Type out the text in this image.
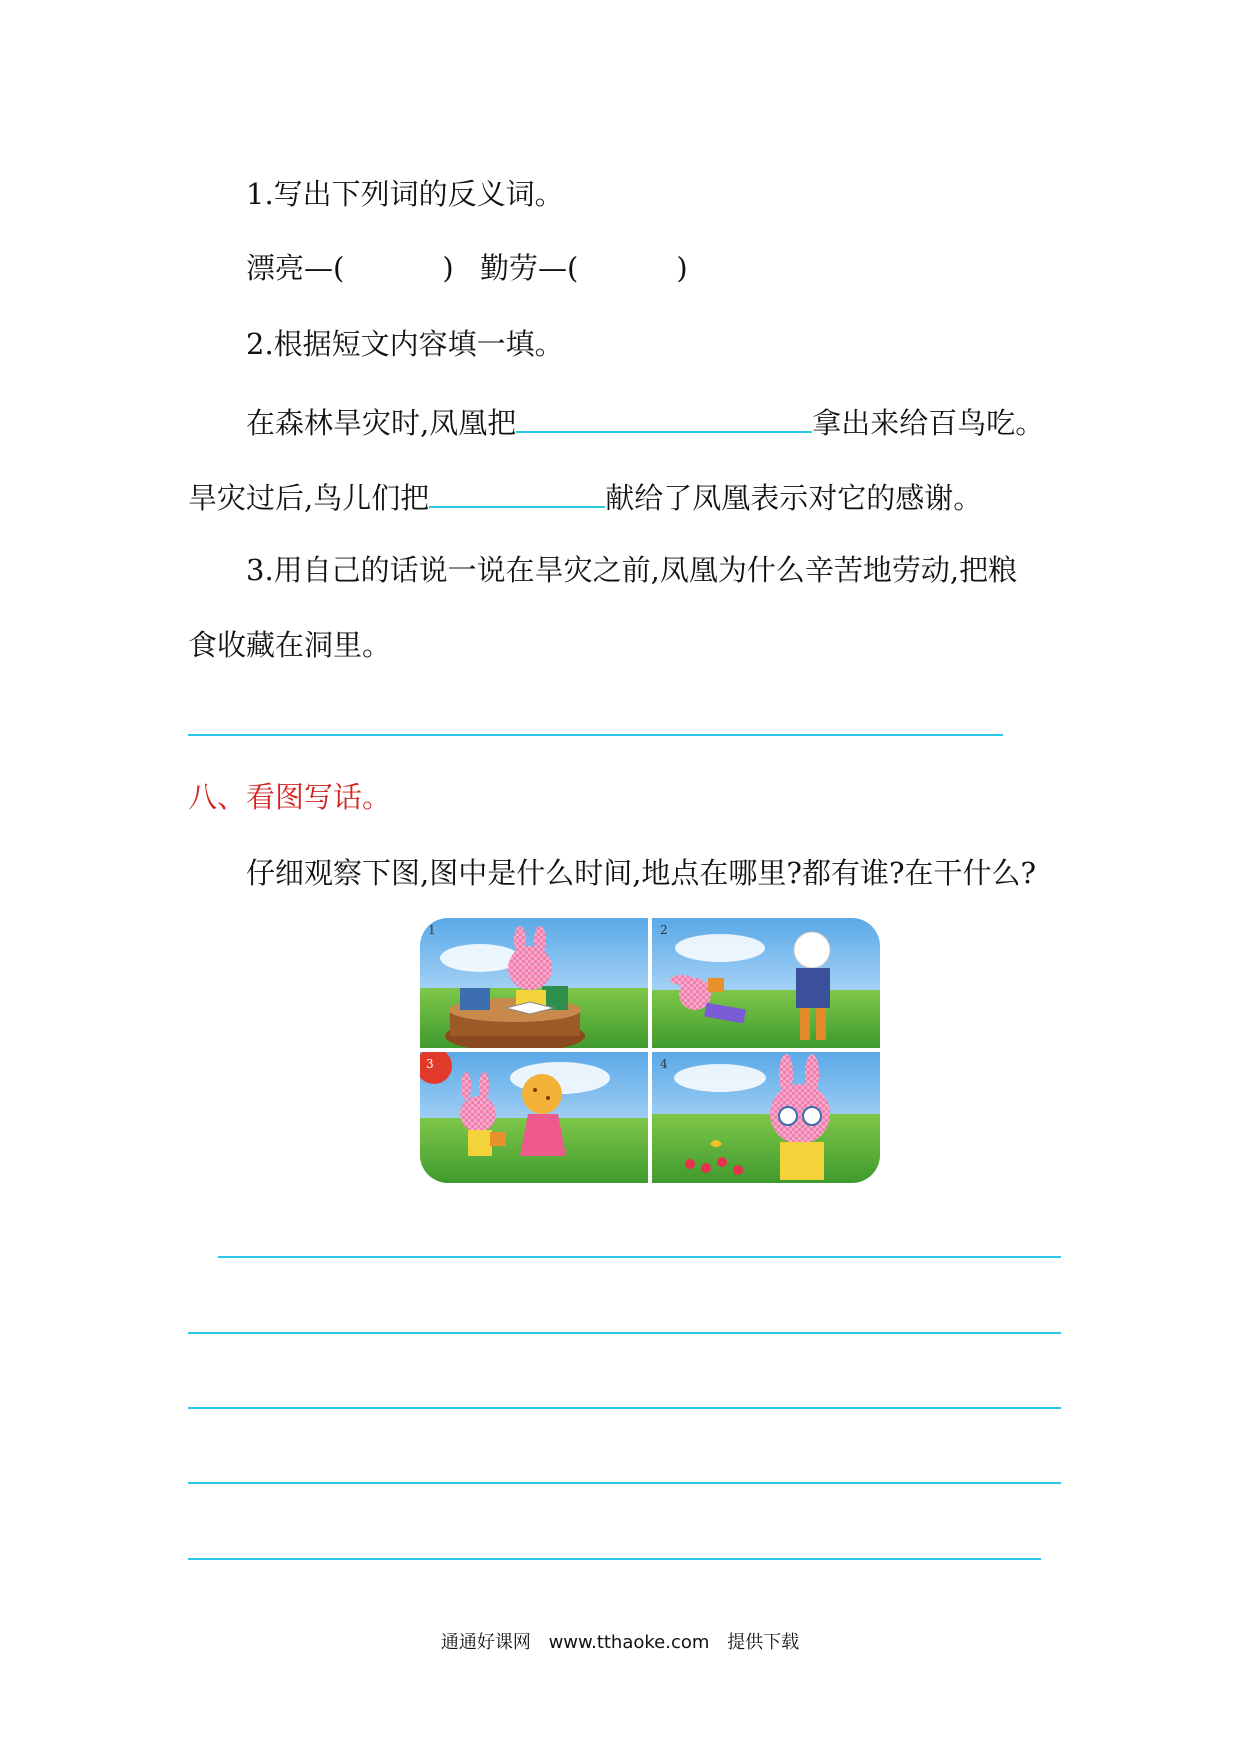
1.写出下列词的反义词。
漂亮—(	) 勤劳—(	)
2.根据短文内容填一填。
在森林旱灾时,凤凰把	拿出来给百鸟吃。
旱灾过后,鸟儿们把	献给了凤凰表示对它的感谢。
3.用自己的话说一说在旱灾之前,凤凰为什么辛苦地劳动,把粮
食收藏在洞里。
八、看图写话。
仔细观察下图,图中是什么时间,地点在哪里?都有谁?在干什么?
1	2
3	4
通通好课网 www.tthaoke.com 提供下载
